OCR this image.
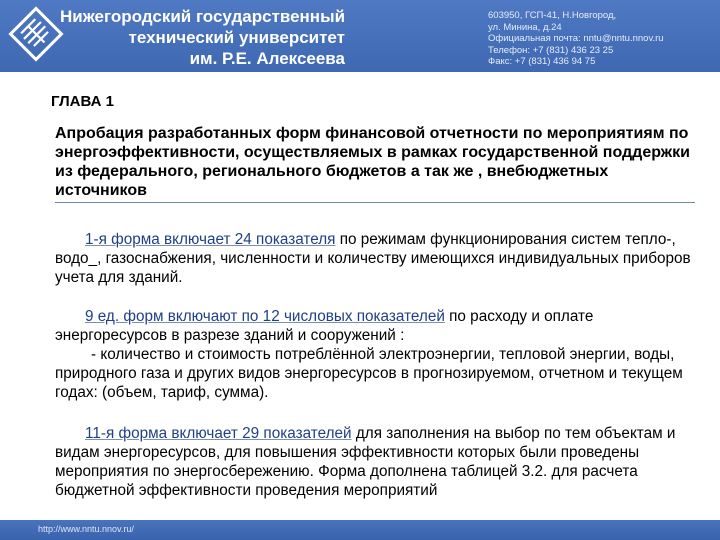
Нижегородский государственный
технический университет
им. Р.Е. Алексеева
603950, ГСП-41, Н.Новгород,
ул. Минина, д.24
Официальная почта: nntu@nntu.nnov.ru
Телефон: +7 (831) 436 23 25
Факс: +7 (831) 436 94 75
ГЛАВА 1

Апробация разработанных форм финансовой отчетности по мероприятиям по энергоэффективности, осуществляемых в рамках государственной поддержки из федерального, регионального бюджетов а так же , внебюджетных источников

1-я форма включает 24 показателя по режимам функционирования систем тепло-, водо_, газоснабжения, численности и количеству имеющихся индивидуальных приборов учета для зданий.

9 ед. форм включают по 12 числовых показателей по расходу и оплате энергоресурсов в разрезе зданий и сооружений :
- количество и стоимость потреблённой электроэнергии, тепловой энергии, воды, природного газа и других видов энергоресурсов в прогнозируемом, отчетном и текущем годах: (объем, тариф, сумма).

11-я форма включает 29 показателей для заполнения на выбор по тем объектам и видам энергоресурсов, для повышения эффективности которых были проведены мероприятия по энергосбережению. Форма дополнена таблицей 3.2. для расчета бюджетной эффективности проведения мероприятий

http://www.nntu.nnov.ru/
